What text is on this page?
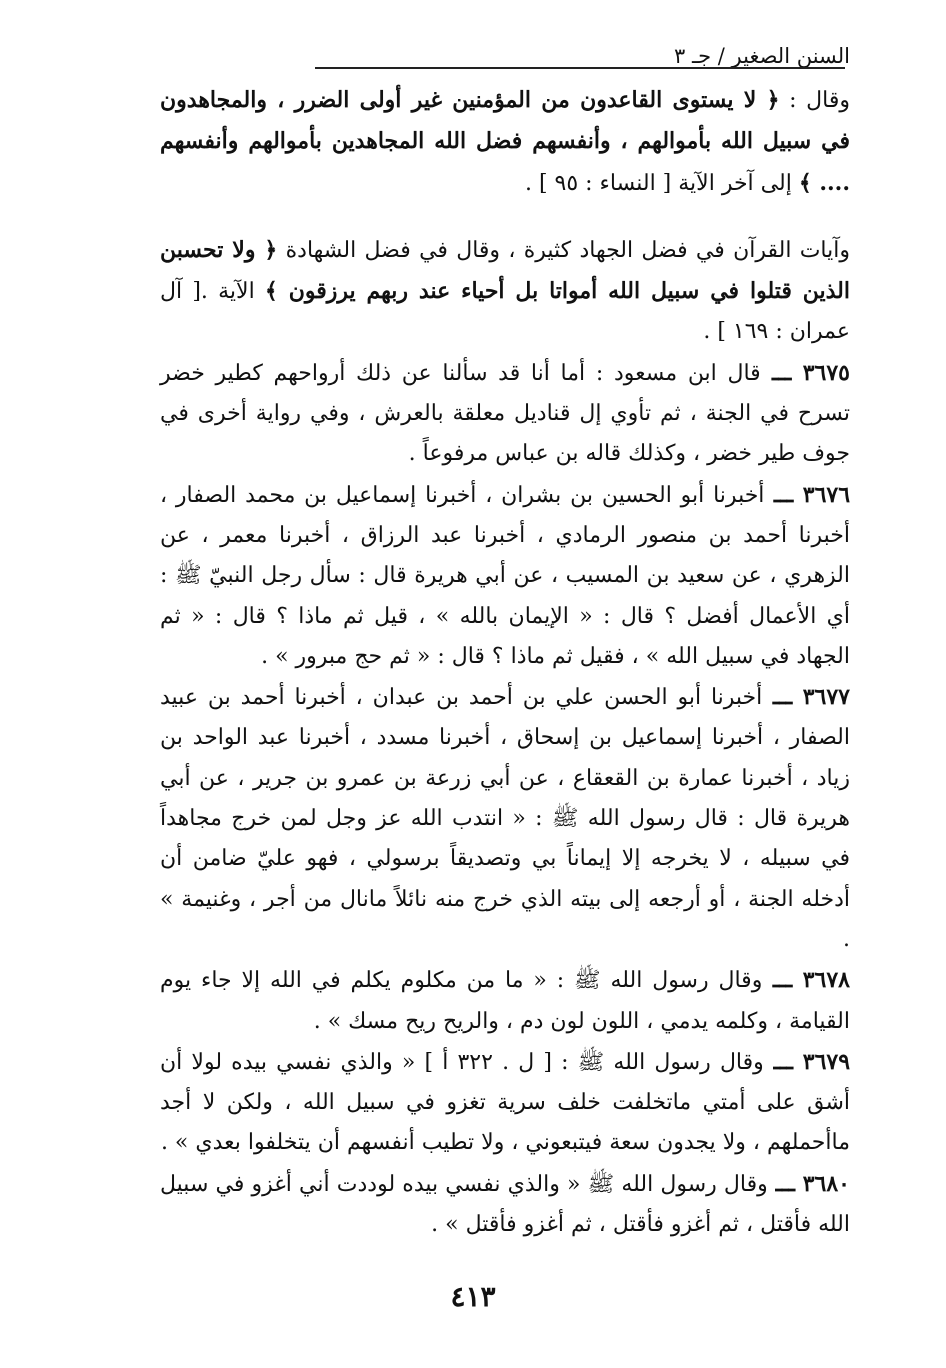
السنن الصغير / جـ ٣

وقال : ﴿ لا يستوى القاعدون من المؤمنين غير أولى الضرر ، والمجاهدون في سبيل الله بأموالهم ، وأنفسهم فضل الله المجاهدين بأموالهم وأنفسهم .... ﴾ إلى آخر الآية [ النساء : ٩٥ ] .

وآيات القرآن في فضل الجهاد كثيرة ، وقال في فضل الشهادة ﴿ ولا تحسبن الذين قتلوا في سبيل الله أمواتا بل أحياء عند ربهم يرزقون ﴾ الآية .[ آل عمران : ١٦٩ ] .

٣٦٧٥ ـــ قال ابن مسعود : أما أنا قد سألنا عن ذلك أرواحهم كطير خضر تسرح في الجنة ، ثم تأوي إل قناديل معلقة بالعرش ، وفي رواية أخرى في جوف طير خضر ، وكذلك قاله بن عباس مرفوعاً .

٣٦٧٦ ـــ أخبرنا أبو الحسين بن بشران ، أخبرنا إسماعيل بن محمد الصفار ، أخبرنا أحمد بن منصور الرمادي ، أخبرنا عبد الرزاق ، أخبرنا معمر ، عن الزهري ، عن سعيد بن المسيب ، عن أبي هريرة قال : سأل رجل النبيّ ﷺ : أي الأعمال أفضل ؟ قال : « الإيمان بالله » ، قيل ثم ماذا ؟ قال : « ثم الجهاد في سبيل الله » ، فقيل ثم ماذا ؟ قال : « ثم حج مبرور » .

٣٦٧٧ ـــ أخبرنا أبو الحسن علي بن أحمد بن عبدان ، أخبرنا أحمد بن عبيد الصفار ، أخبرنا إسماعيل بن إسحاق ، أخبرنا مسدد ، أخبرنا عبد الواحد بن زياد ، أخبرنا عمارة بن القعقاع ، عن أبي زرعة بن عمرو بن جرير ، عن أبي هريرة قال : قال رسول الله ﷺ : « انتدب الله عز وجل لمن خرج مجاهداً في سبيله ، لا يخرجه إلا إيماناً بي وتصديقاً برسولي ، فهو عليّ ضامن أن أدخله الجنة ، أو أرجعه إلى بيته الذي خرج منه نائلاً مانال من أجر ، وغنيمة » .

٣٦٧٨ ـــ وقال رسول الله ﷺ : « ما من مكلوم يكلم في الله إلا جاء يوم القيامة ، وكلمه يدمي ، اللون لون دم ، والريح ريح مسك » .

٣٦٧٩ ـــ وقال رسول الله ﷺ : [ ل . ٣٢٢ أ ] « والذي نفسي بيده لولا أن أشق على أمتي ماتخلفت خلف سرية تغزو في سبيل الله ، ولكن لا أجد ماأحملهم ، ولا يجدون سعة فيتبعوني ، ولا تطيب أنفسهم أن يتخلفوا بعدي » .

٣٦٨٠ ـــ وقال رسول الله ﷺ « والذي نفسي بيده لوددت أني أغزو في سبيل الله فأقتل ، ثم أغزو فأقتل ، ثم أغزو فأقتل » .

٤١٣
